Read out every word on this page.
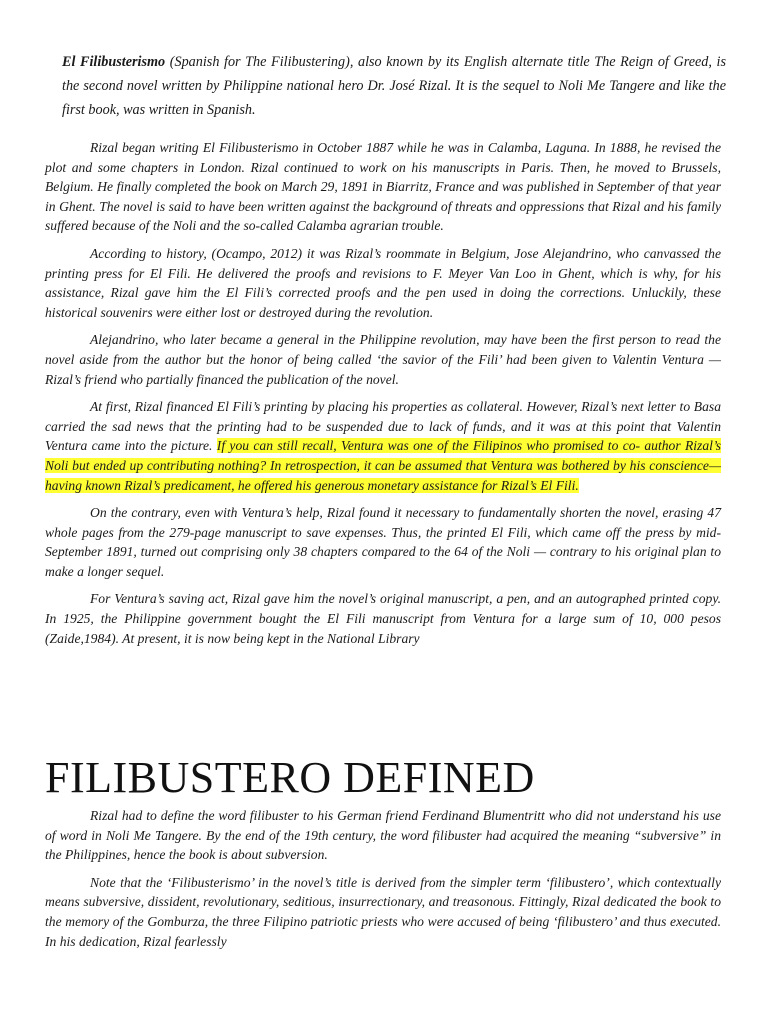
El Filibusterismo (Spanish for The Filibustering), also known by its English alternate title The Reign of Greed, is the second novel written by Philippine national hero Dr. José Rizal. It is the sequel to Noli Me Tangere and like the first book, was written in Spanish.

Rizal began writing El Filibusterismo in October 1887 while he was in Calamba, Laguna. In 1888, he revised the plot and some chapters in London. Rizal continued to work on his manuscripts in Paris. Then, he moved to Brussels, Belgium. He finally completed the book on March 29, 1891 in Biarritz, France and was published in September of that year in Ghent. The novel is said to have been written against the background of threats and oppressions that Rizal and his family suffered because of the Noli and the so-called Calamba agrarian trouble.

According to history, (Ocampo, 2012) it was Rizal’s roommate in Belgium, Jose Alejandrino, who canvassed the printing press for El Fili. He delivered the proofs and revisions to F. Meyer Van Loo in Ghent, which is why, for his assistance, Rizal gave him the El Fili’s corrected proofs and the pen used in doing the corrections. Unluckily, these historical souvenirs were either lost or destroyed during the revolution.

Alejandrino, who later became a general in the Philippine revolution, may have been the first person to read the novel aside from the author but the honor of being called ‘the savior of the Fili’ had been given to Valentin Ventura — Rizal’s friend who partially financed the publication of the novel.

At first, Rizal financed El Fili’s printing by placing his properties as collateral. However, Rizal’s next letter to Basa carried the sad news that the printing had to be suspended due to lack of funds, and it was at this point that Valentin Ventura came into the picture. If you can still recall, Ventura was one of the Filipinos who promised to co- author Rizal’s Noli but ended up contributing nothing? In retrospection, it can be assumed that Ventura was bothered by his conscience— having known Rizal’s predicament, he offered his generous monetary assistance for Rizal’s El Fili.

On the contrary, even with Ventura’s help, Rizal found it necessary to fundamentally shorten the novel, erasing 47 whole pages from the 279-page manuscript to save expenses. Thus, the printed El Fili, which came off the press by mid-September 1891, turned out comprising only 38 chapters compared to the 64 of the Noli — contrary to his original plan to make a longer sequel.

For Ventura’s saving act, Rizal gave him the novel’s original manuscript, a pen, and an autographed printed copy. In 1925, the Philippine government bought the El Fili manuscript from Ventura for a large sum of 10, 000 pesos (Zaide,1984). At present, it is now being kept in the National Library

FILIBUSTERO DEFINED

Rizal had to define the word filibuster to his German friend Ferdinand Blumentritt who did not understand his use of word in Noli Me Tangere. By the end of the 19th century, the word filibuster had acquired the meaning “subversive” in the Philippines, hence the book is about subversion.

Note that the ‘Filibusterismo’ in the novel’s title is derived from the simpler term ‘filibustero’, which contextually means subversive, dissident, revolutionary, seditious, insurrectionary, and treasonous. Fittingly, Rizal dedicated the book to the memory of the Gomburza, the three Filipino patriotic priests who were accused of being ‘filibustero’ and thus executed. In his dedication, Rizal fearlessly
